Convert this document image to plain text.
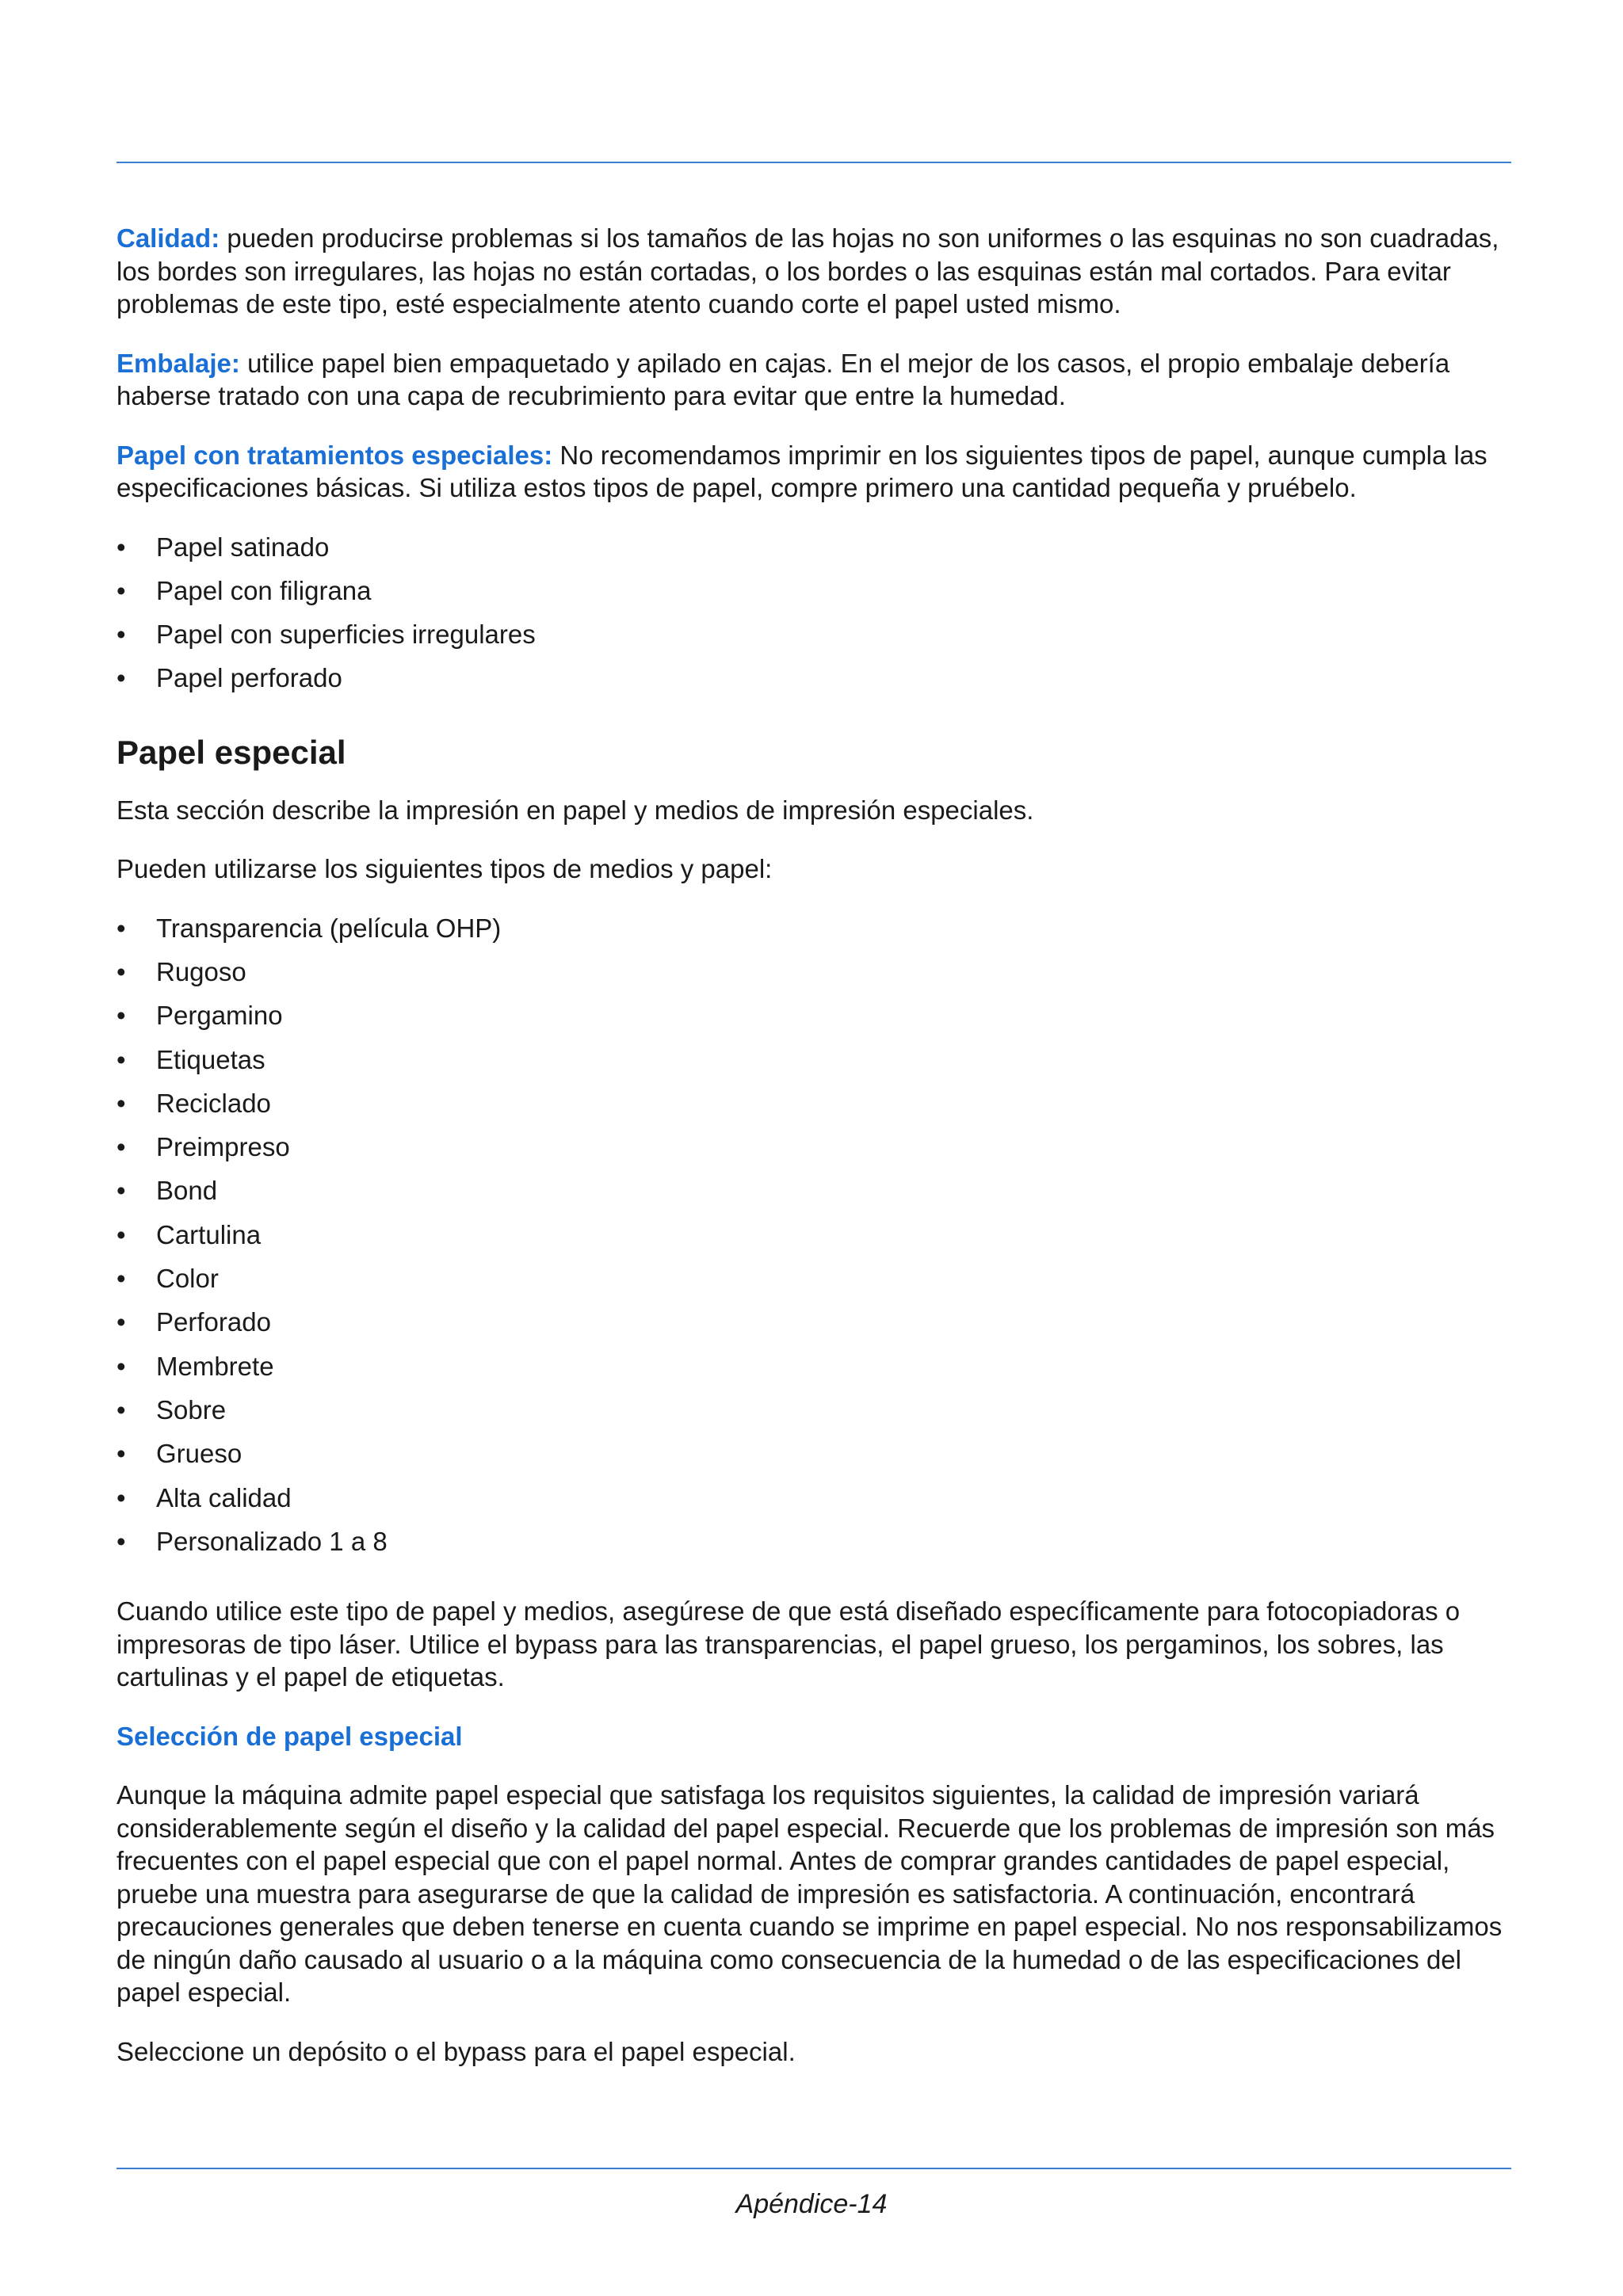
Calidad: pueden producirse problemas si los tamaños de las hojas no son uniformes o las esquinas no son cuadradas, los bordes son irregulares, las hojas no están cortadas, o los bordes o las esquinas están mal cortados. Para evitar problemas de este tipo, esté especialmente atento cuando corte el papel usted mismo.

Embalaje: utilice papel bien empaquetado y apilado en cajas. En el mejor de los casos, el propio embalaje debería haberse tratado con una capa de recubrimiento para evitar que entre la humedad.

Papel con tratamientos especiales: No recomendamos imprimir en los siguientes tipos de papel, aunque cumpla las especificaciones básicas. Si utiliza estos tipos de papel, compre primero una cantidad pequeña y pruébelo.

• Papel satinado
• Papel con filigrana
• Papel con superficies irregulares
• Papel perforado
Papel especial

Esta sección describe la impresión en papel y medios de impresión especiales.

Pueden utilizarse los siguientes tipos de medios y papel:

• Transparencia (película OHP)
• Rugoso
• Pergamino
• Etiquetas
• Reciclado
• Preimpreso
• Bond
• Cartulina
• Color
• Perforado
• Membrete
• Sobre
• Grueso
• Alta calidad
• Personalizado 1 a 8

Cuando utilice este tipo de papel y medios, asegúrese de que está diseñado específicamente para fotocopiadoras o impresoras de tipo láser. Utilice el bypass para las transparencias, el papel grueso, los pergaminos, los sobres, las cartulinas y el papel de etiquetas.

Selección de papel especial

Aunque la máquina admite papel especial que satisfaga los requisitos siguientes, la calidad de impresión variará considerablemente según el diseño y la calidad del papel especial. Recuerde que los problemas de impresión son más frecuentes con el papel especial que con el papel normal. Antes de comprar grandes cantidades de papel especial, pruebe una muestra para asegurarse de que la calidad de impresión es satisfactoria. A continuación, encontrará precauciones generales que deben tenerse en cuenta cuando se imprime en papel especial. No nos responsabilizamos de ningún daño causado al usuario o a la máquina como consecuencia de la humedad o de las especificaciones del papel especial.

Seleccione un depósito o el bypass para el papel especial.

Apéndice-14
